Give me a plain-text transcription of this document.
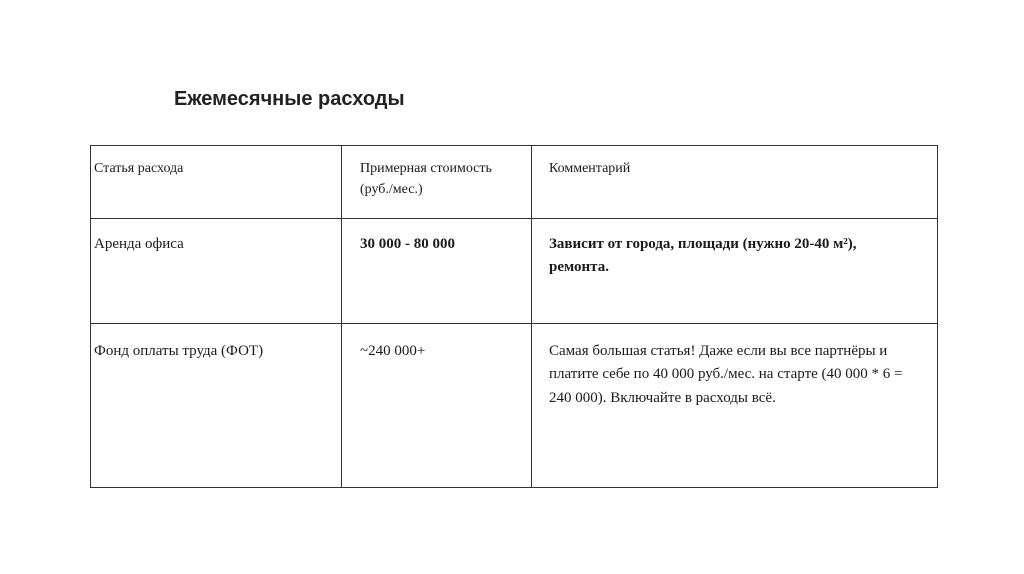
Ежемесячные расходы
Статья расхода	Примерная стоимость (руб./мес.)	Комментарий
Аренда офиса	30 000 - 80 000	Зависит от города, площади (нужно 20-40 м²), ремонта.
Фонд оплаты труда (ФОТ)	~240 000+	Самая большая статья! Даже если вы все партнёры и платите себе по 40 000 руб./мес. на старте (40 000 * 6 = 240 000). Включайте в расходы всё.
